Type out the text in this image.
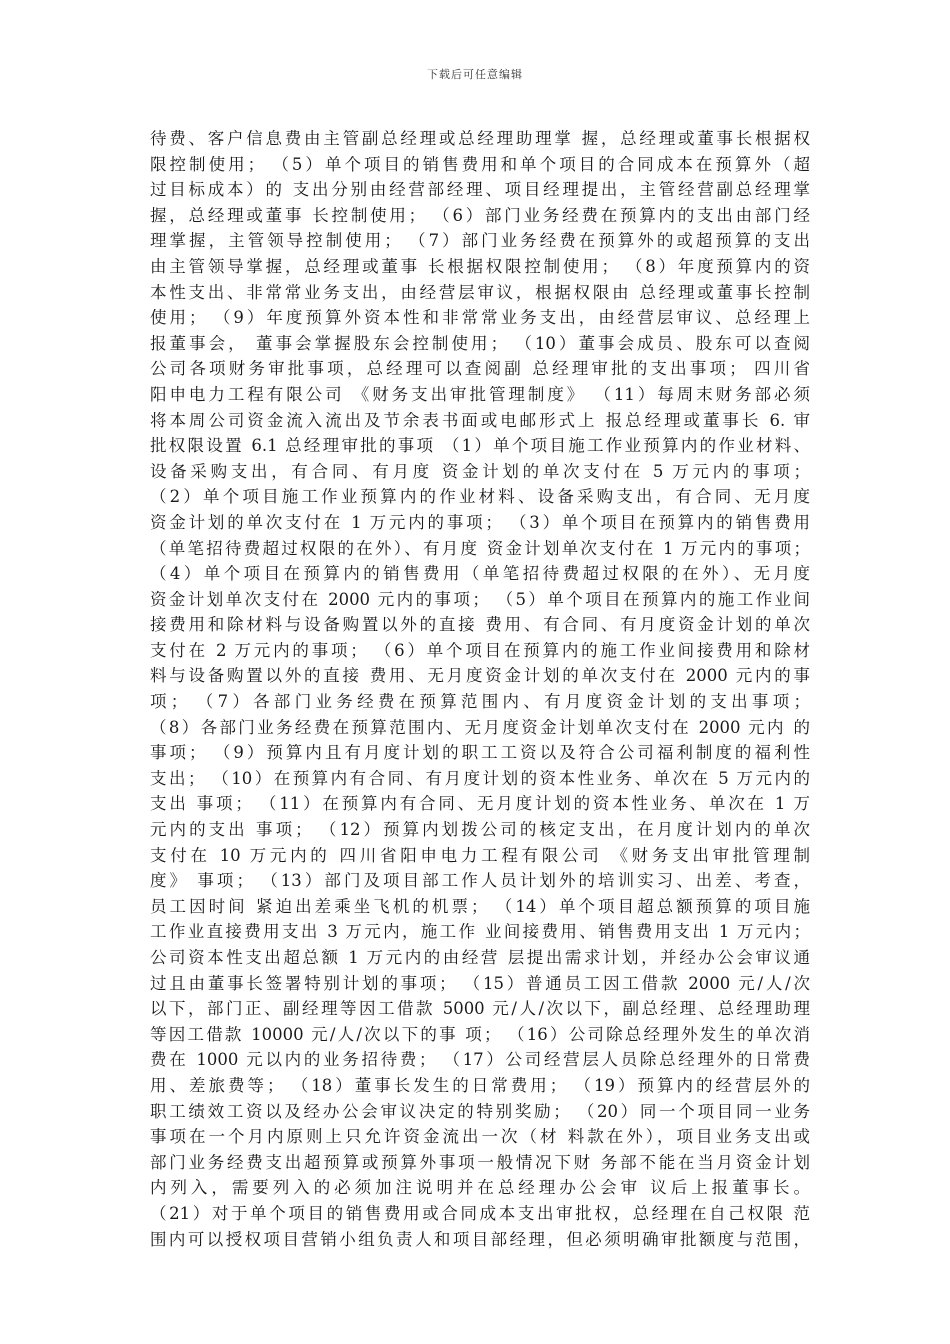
下载后可任意编辑
待费、客户信息费由主管副总经理或总经理助理掌 握，总经理或董事长根据权
限控制使用； （5）单个项目的销售费用和单个项目的合同成本在预算外（超
过目标成本）的 支出分别由经营部经理、项目经理提出，主管经营副总经理掌
握，总经理或董事 长控制使用； （6）部门业务经费在预算内的支出由部门经
理掌握，主管领导控制使用； （7）部门业务经费在预算外的或超预算的支出
由主管领导掌握，总经理或董事 长根据权限控制使用； （8）年度预算内的资
本性支出、非常常业务支出，由经营层审议，根据权限由 总经理或董事长控制
使用； （9）年度预算外资本性和非常常业务支出，由经营层审议、总经理上
报董事会， 董事会掌握股东会控制使用； （10）董事会成员、股东可以查阅
公司各项财务审批事项，总经理可以查阅副 总经理审批的支出事项； 四川省
阳申电力工程有限公司 《财务支出审批管理制度》 （11）每周末财务部必须
将本周公司资金流入流出及节余表书面或电邮形式上 报总经理或董事长 6. 审
批权限设置 6.1 总经理审批的事项 （1）单个项目施工作业预算内的作业材料、
设备采购支出，有合同、有月度 资金计划的单次支付在 5 万元内的事项；
（2）单个项目施工作业预算内的作业材料、设备采购支出，有合同、无月度
资金计划的单次支付在 1 万元内的事项； （3）单个项目在预算内的销售费用
（单笔招待费超过权限的在外）、有月度 资金计划单次支付在 1 万元内的事项；
（4）单个项目在预算内的销售费用（单笔招待费超过权限的在外）、无月度
资金计划单次支付在 2000 元内的事项； （5）单个项目在预算内的施工作业间
接费用和除材料与设备购置以外的直接 费用、有合同、有月度资金计划的单次
支付在 2 万元内的事项； （6）单个项目在预算内的施工作业间接费用和除材
料与设备购置以外的直接 费用、无月度资金计划的单次支付在 2000 元内的事
项； （7）各部门业务经费在预算范围内、有月度资金计划的支出事项；
（8）各部门业务经费在预算范围内、无月度资金计划单次支付在 2000 元内 的
事项； （9）预算内且有月度计划的职工工资以及符合公司福利制度的福利性
支出； （10）在预算内有合同、有月度计划的资本性业务、单次在 5 万元内的
支出 事项； （11）在预算内有合同、无月度计划的资本性业务、单次在 1 万
元内的支出 事项； （12）预算内划拨公司的核定支出，在月度计划内的单次
支付在 10 万元内的 四川省阳申电力工程有限公司 《财务支出审批管理制
度》 事项； （13）部门及项目部工作人员计划外的培训实习、出差、考查，
员工因时间 紧迫出差乘坐飞机的机票； （14）单个项目超总额预算的项目施
工作业直接费用支出 3 万元内，施工作 业间接费用、销售费用支出 1 万元内；
公司资本性支出超总额 1 万元内的由经营 层提出需求计划，并经办公会审议通
过且由董事长签署特别计划的事项； （15）普通员工因工借款 2000 元/人/次
以下，部门正、副经理等因工借款 5000 元/人/次以下，副总经理、总经理助理
等因工借款 10000 元/人/次以下的事 项； （16）公司除总经理外发生的单次消
费在 1000 元以内的业务招待费； （17）公司经营层人员除总经理外的日常费
用、差旅费等； （18）董事长发生的日常费用； （19）预算内的经营层外的
职工绩效工资以及经办公会审议决定的特别奖励； （20）同一个项目同一业务
事项在一个月内原则上只允许资金流出一次（材 料款在外），项目业务支出或
部门业务经费支出超预算或预算外事项一般情况下财 务部不能在当月资金计划
内列入，需要列入的必须加注说明并在总经理办公会审 议后上报董事长。
（21）对于单个项目的销售费用或合同成本支出审批权，总经理在自己权限 范
围内可以授权项目营销小组负责人和项目部经理，但必须明确审批额度与范围，
